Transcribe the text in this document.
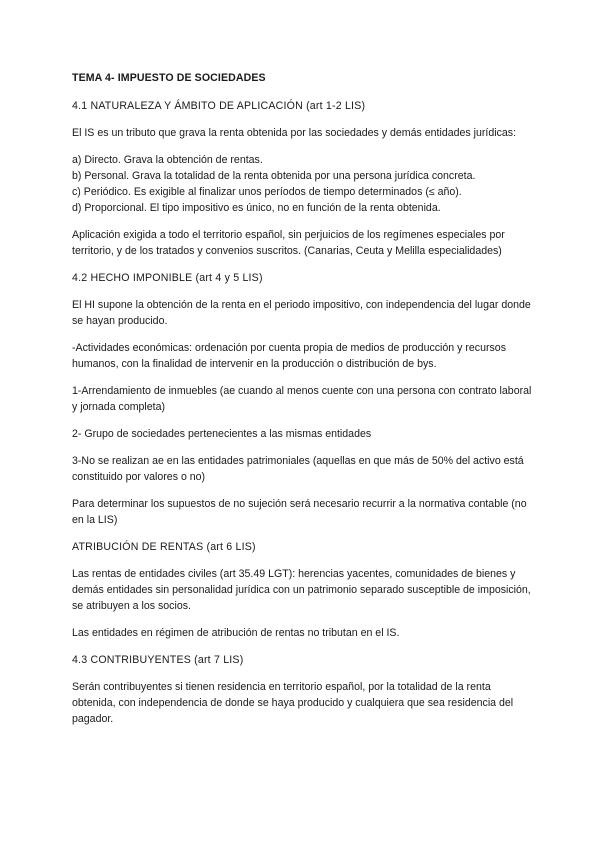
TEMA 4- IMPUESTO DE SOCIEDADES
4.1 NATURALEZA Y ÁMBITO DE APLICACIÓN (art 1-2 LIS)

El IS es un tributo que grava la renta obtenida por las sociedades y demás entidades jurídicas:

a) Directo. Grava la obtención de rentas.
b) Personal. Grava la totalidad de la renta obtenida por una persona jurídica concreta.
c) Periódico. Es exigible al finalizar unos períodos de tiempo determinados (≤ año).
d) Proporcional. El tipo impositivo es único, no en función de la renta obtenida.

Aplicación exigida a todo el territorio español, sin perjuicios de los regímenes especiales por territorio, y de los tratados y convenios suscritos. (Canarias, Ceuta y Melilla especialidades)

4.2 HECHO IMPONIBLE (art 4 y 5 LIS)

El HI supone la obtención de la renta en el periodo impositivo, con independencia del lugar donde se hayan producido.

-Actividades económicas: ordenación por cuenta propia de medios de producción y recursos humanos, con la finalidad de intervenir en la producción o distribución de bys.

1-Arrendamiento de inmuebles (ae cuando al menos cuente con una persona con contrato laboral y jornada completa)

2- Grupo de sociedades pertenecientes a las mismas entidades

3-No se realizan ae en las entidades patrimoniales (aquellas en que más de 50% del activo está constituido por valores o no)

Para determinar los supuestos de no sujeción será necesario recurrir a la normativa contable (no en la LIS)

ATRIBUCIÓN DE RENTAS (art 6 LIS)

Las rentas de entidades civiles (art 35.49 LGT): herencias yacentes, comunidades de bienes y demás entidades sin personalidad jurídica con un patrimonio separado susceptible de imposición, se atribuyen a los socios.

Las entidades en régimen de atribución de rentas no tributan en el IS.

4.3 CONTRIBUYENTES (art 7 LIS)

Serán contribuyentes si tienen residencia en territorio español, por la totalidad de la renta obtenida, con independencia de donde se haya producido y cualquiera que sea residencia del pagador.
